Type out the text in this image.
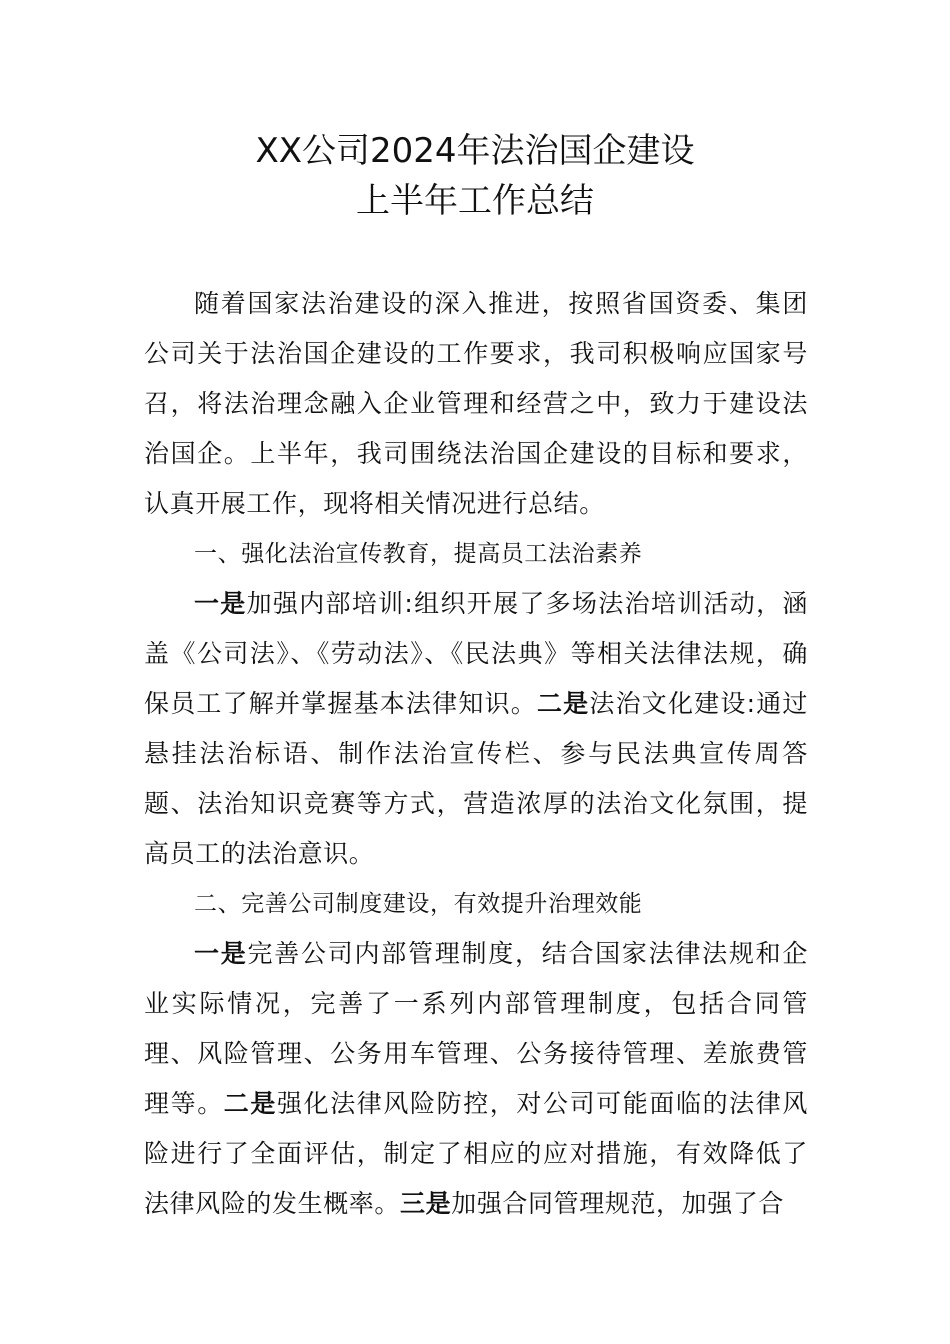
XX公司2024年法治国企建设
上半年工作总结

随着国家法治建设的深入推进，按照省国资委、集团公司关于法治国企建设的工作要求，我司积极响应国家号召，将法治理念融入企业管理和经营之中，致力于建设法治国企。上半年，我司围绕法治国企建设的目标和要求，认真开展工作，现将相关情况进行总结。

一、强化法治宣传教育，提高员工法治素养

一是加强内部培训:组织开展了多场法治培训活动，涵盖《公司法》、《劳动法》、《民法典》等相关法律法规，确保员工了解并掌握基本法律知识。二是法治文化建设:通过悬挂法治标语、制作法治宣传栏、参与民法典宣传周答题、法治知识竞赛等方式，营造浓厚的法治文化氛围，提高员工的法治意识。

二、完善公司制度建设，有效提升治理效能

一是完善公司内部管理制度，结合国家法律法规和企业实际情况，完善了一系列内部管理制度，包括合同管理、风险管理、公务用车管理、公务接待管理、差旅费管理等。二是强化法律风险防控，对公司可能面临的法律风险进行了全面评估，制定了相应的应对措施，有效降低了法律风险的发生概率。三是加强合同管理规范，加强了合
